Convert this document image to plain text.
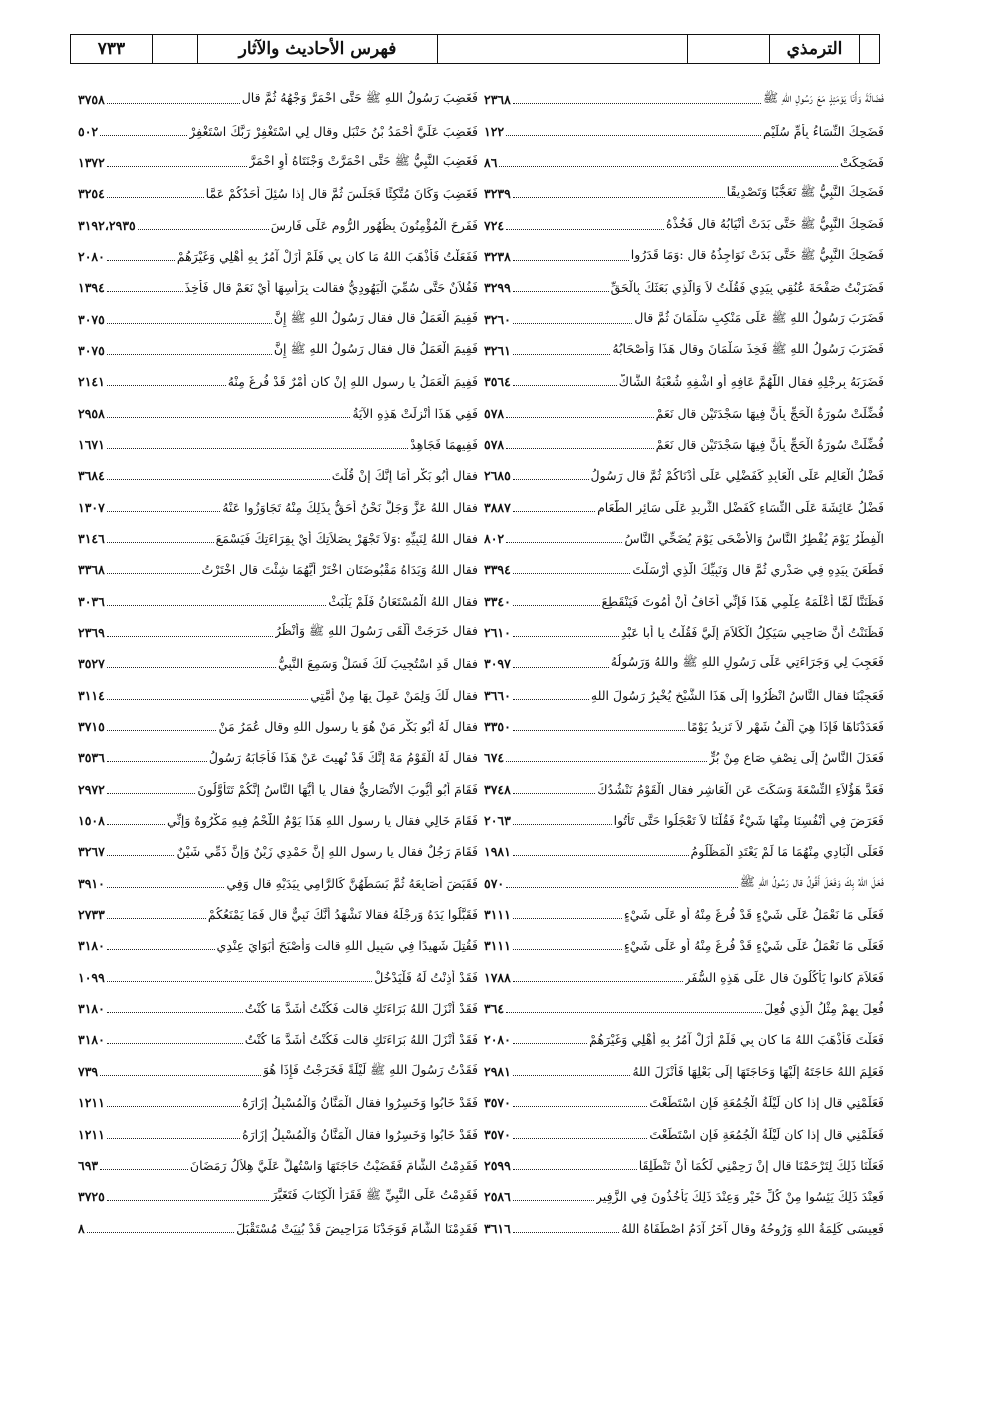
الترمذي
فهرس الأحاديث والآثار
٧٣٣
فَضَالَةَ وَأَنَا يَوْمَئِذٍ مَعَ رَسُولِ اللهِ ﷺ
٢٣٦٨
فَضَحِكَ النِّسَاءُ بِأُمِّ سُلَيْمٍ
١٢٢
فَضَحِكَتْ
٨٦
فَضَحِكَ النَّبِيُّ ﷺ تَعَجُّبًا وَتَصْدِيقًا
٣٢٣٩
فَضَحِكَ النَّبِيُّ ﷺ حَتَّى بَدَتْ أَنْيَابُهُ قال فَخُذْهُ
٧٢٤
فَضَحِكَ النَّبِيُّ ﷺ حَتَّى بَدَتْ نَوَاجِذُهُ قال :وَمَا قَدَرُوا
٣٢٣٨
فَضَرَبْتُ صَفْحَةَ عُنُقِي بِيَدِي فَقُلْتُ لاَ وَالَّذِي بَعَثَكَ بِالْحَقِّ
٣٢٩٩
فَضَرَبَ رَسُولُ اللهِ ﷺ عَلَى مَنْكِبِ سَلْمَانَ ثُمَّ قال
٣٢٦٠
فَضَرَبَ رَسُولُ اللهِ ﷺ فَخِذَ سَلْمَانَ وقال هَذَا وَأَصْحَابُهُ
٣٢٦١
فَضَرَبَهُ بِرِجْلِهِ فقال اللَّهُمَّ عَافِهِ أو اشْفِهِ شُعْبَةُ الشَّاكُّ
٣٥٦٤
فُضِّلَتْ سُورَةُ الْحَجِّ بِأَنَّ فِيهَا سَجْدَتَيْنِ قال نَعَمْ
٥٧٨
فُضِّلَتْ سُورَةُ الْحَجِّ بِأَنَّ فِيهَا سَجْدَتَيْنِ قال نَعَمْ
٥٧٨
فَضْلُ الْعَالِمِ عَلَى الْعَابِدِ كَفَضْلِي عَلَى أَدْنَاكُمْ ثُمَّ قال رَسُولُ
٢٦٨٥
فَضْلُ عَائِشَةَ عَلَى النِّسَاءِ كَفَضْلِ الثَّرِيدِ عَلَى سَائِرِ الطَّعَامِ
٣٨٨٧
الْفِطْرُ يَوْمَ يُفْطِرُ النَّاسُ وَالأَضْحَى يَوْمَ يُضَحِّي النَّاسُ
٨٠٢
فَطَعَنَ بِيَدِهِ فِي صَدْرِي ثُمَّ قال وَنَبِيِّكَ الَّذِي أَرْسَلْتَ
٣٣٩٤
فَظَنَنَّا لَمَّا أَعْلَمَهُ عِلْمِي هَذَا فَإِنِّي أَخَافُ أَنْ أَمُوتَ فَيَنْقَطِعَ
٣٣٤٠
فَظَنَنْتُ أَنَّ صَاحِبِي سَيَكِلُ الْكَلاَمَ إِلَيَّ فَقُلْتُ يا أبا عَبْدِ
٢٦١٠
فَعَجِبَ لِي وَجَرَاءَتِي عَلَى رَسُولِ اللهِ ﷺ واللهُ وَرَسُولُهُ
٣٠٩٧
فَعَجِبْنَا فقال النَّاسُ انْظُرُوا إِلَى هَذَا الشَّيْخِ يُخْبِرُ رَسُولَ اللهِ
٣٦٦٠
فَعَدَدْنَاهَا فَإِذَا هِيَ أَلْفُ شَهْرٍ لاَ تَزِيدُ يَوْمًا
٣٣٥٠
فَعَدَلَ النَّاسُ إِلَى نِصْفِ صَاعٍ مِنْ بُرٍّ
٦٧٤
فَعَدَّ هَؤُلاَءِ التِّسْعَةَ وَسَكَتَ عَنِ الْعَاشِرِ فقال الْقَوْمُ نَنْشُدُكَ
٣٧٤٨
فَعَرَضَ فِي أَنْفُسِنَا مِنْهَا شَيْءٌ فَقُلْنَا لاَ تَعْجَلُوا حَتَّى تَأْتُوا
٢٠٦٣
فَعَلَى الْبَادِي مِنْهُمَا مَا لَمْ يَعْتَدِ الْمَظْلُومُ
١٩٨١
فَعَلَ اللهُ بِكَ وَفَعَلَ أَقُولُ قال رَسُولُ اللهِ ﷺ
٥٧٠
فَعَلَى مَا نَعْمَلُ عَلَى شَيْءٍ قَدْ فُرِغَ مِنْهُ أو عَلَى شَيْءٍ
٣١١١
فَعَلَى مَا نَعْمَلُ عَلَى شَيْءٍ قَدْ فُرِغَ مِنْهُ أو عَلَى شَيْءٍ
٣١١١
فَعَلاَمَ كانوا يَأْكُلُونَ قال عَلَى هَذِهِ السُّفَرِ
١٧٨٨
فُعِلَ بِهِمْ مِثْلُ الَّذِي فُعِلَ
٣٦٤
فَعَلْتَ فَأَذْهَبَ اللهُ مَا كان بِي فَلَمْ أَزَلْ آمُرُ بِهِ أَهْلِي وَغَيْرَهُمْ
٢٠٨٠
فَعَلِمَ اللهُ حَاجَتَهُ إِلَيْهَا وَحَاجَتَهَا إِلَى بَعْلِهَا فَأَنْزَلَ اللهُ
٢٩٨١
فَعَلِّمْنِي قال إذا كان لَيْلَةُ الْجُمُعَةِ فَإِنِ اسْتَطَعْتَ
٣٥٧٠
فَعَلِّمْنِي قال إذا كان لَيْلَةُ الْجُمُعَةِ فَإِنِ اسْتَطَعْتَ
٣٥٧٠
فَعَلْنَا ذَلِكَ لِتَرْحَمْنَا قال إِنْ رَحِمْنِي لَكُمَا أَنْ تَنْطَلِقَا
٢٥٩٩
فَعِنْدَ ذَلِكَ يَئِسُوا مِنْ كُلِّ خَيْرٍ وَعِنْدَ ذَلِكَ يَأْخُذُونَ فِي الزَّفِيرِ
٢٥٨٦
فَعِيسَى كَلِمَةُ اللهِ وَرُوحُهُ وقال آخَرُ آدَمُ اصْطَفَاهُ اللهُ
٣٦١٦
فَغَضِبَ رَسُولُ اللهِ ﷺ حَتَّى احْمَرَّ وَجْهُهُ ثُمَّ قال
٣٧٥٨
فَغَضِبَ عَلَيَّ أَحْمَدُ بْنُ حَنْبَلٍ وقال لِي اسْتَغْفِرْ رَبَّكَ اسْتَغْفِرْ
٥٠٢
فَغَضِبَ النَّبِيُّ ﷺ حَتَّى احْمَرَّتْ وَجْنَتَاهُ أَوِ احْمَرَّ
١٣٧٢
فَغَضِبَ وَكَانَ مُتَّكِئًا فَجَلَسَ ثُمَّ قال إذا سُئِلَ أَحَدُكُمْ عَمَّا
٣٢٥٤
فَفَرِحَ الْمُؤْمِنُونَ بِظُهُورِ الرُّومِ عَلَى فَارِسَ
٣١٩٢،٢٩٣٥
فَفَعَلْتُ فَأَذْهَبَ اللهُ مَا كان بِي فَلَمْ أَزَلْ آمُرُ بِهِ أَهْلِي وَغَيْرَهُمْ
٢٠٨٠
فَفُلاَنٌ حَتَّى سُمِّيَ الْيَهُودِيُّ فقالت بِرَأْسِهَا أَيْ نَعَمْ قال فَأُخِذَ
١٣٩٤
فَفِيمَ الْعَمَلُ قال فقال رَسُولُ اللهِ ﷺ إِنَّ
٣٠٧٥
فَفِيمَ الْعَمَلُ قال فقال رَسُولُ اللهِ ﷺ إِنَّ
٣٠٧٥
فَفِيمَ الْعَمَلُ يا رسول اللهِ إِنْ كان أَمْرٌ قَدْ فُرِغَ مِنْهُ
٢١٤١
فَفِي هَذَا أُنْزِلَتْ هَذِهِ الآيَةُ
٢٩٥٨
فَفِيهِمَا فَجَاهِدْ
١٦٧١
فقال أَبُو بَكْرٍ أَمَا إِنَّكَ إِنْ قُلْتَ
٣٦٨٤
فقال اللهُ عَزَّ وَجَلَّ نَحْنُ أَحَقُّ بِذَلِكَ مِنْهُ تَجَاوَزُوا عَنْهُ
١٣٠٧
فقال اللهُ لِنَبِيِّهِ :وَلاَ تَجْهَرْ بِصَلاَتِكَ أَيْ بِقِرَاءَتِكَ فَيَسْمَعَ
٣١٤٦
فقال اللهُ وَيَدَاهُ مَقْبُوضَتَانِ اخْتَرْ أَيَّهُمَا شِئْتَ قال اخْتَرْتُ
٣٣٦٨
فقال اللهُ الْمُسْتَعَانُ فَلَمْ يَلْبَثْ
٣٠٣٦
فقال خَرَجَتْ أَلْقَى رَسُولَ اللهِ ﷺ وَأَنْظُرُ
٢٣٦٩
فقال قَدِ اسْتُجِيبَ لَكَ فَسَلْ وَسَمِعَ النَّبِيُّ
٣٥٢٧
فقال لَكَ وَلِمَنْ عَمِلَ بِهَا مِنْ أُمَّتِي
٣١١٤
فقال لَهُ أَبُو بَكْرٍ مَنْ هُوَ يا رسول اللهِ وقال عُمَرُ مَنْ
٣٧١٥
فقال لَهُ الْقَوْمُ مَهْ إِنَّكَ قَدْ نُهِيتَ عَنْ هَذَا فَأَجَابَهُ رَسُولُ
٣٥٣٦
فَقَامَ أَبُو أَيُّوبَ الأَنْصَارِيُّ فقال يا أَيُّهَا النَّاسُ إِنَّكُمْ تَتَأَوَّلُونَ
٢٩٧٢
فَقَامَ خَالِي فقال يا رسول اللهِ هَذَا يَوْمٌ اللَّحْمُ فِيهِ مَكْرُوهٌ وَإِنِّي
١٥٠٨
فَقَامَ رَجُلٌ فقال يا رسول اللهِ إِنَّ حَمْدِي زَيْنٌ وَإِنَّ ذَمِّي شَيْنٌ
٣٢٦٧
فَقَبَضَ أَصَابِعَهُ ثُمَّ بَسَطَهُنَّ كَالرَّامِي بِيَدَيْهِ قال وَفِي
٣٩١٠
فَقَبَّلُوا يَدَهُ وَرِجْلَهُ فقالا نَشْهَدُ أَنَّكَ نَبِيٌّ قال فَمَا يَمْنَعُكُمْ
٢٧٣٣
فَقُتِلَ شَهِيدًا فِي سَبِيلِ اللهِ قالت وَأَصْبَحَ أَبَوَايَ عِنْدِي
٣١٨٠
فَقَدْ أَذِنْتُ لَهُ فَلْيَدْخُلْ
١٠٩٩
فَقَدْ أَنْزَلَ اللهُ بَرَاءَتَكِ قالت فَكُنْتُ أَشَدَّ مَا كُنْتُ
٣١٨٠
فَقَدْ أَنْزَلَ اللهُ بَرَاءَتَكِ قالت فَكُنْتُ أَشَدَّ مَا كُنْتُ
٣١٨٠
فَقَدْتُ رَسُولَ اللهِ ﷺ لَيْلَةً فَخَرَجْتُ فَإِذَا هُوَ
٧٣٩
فَقَدْ خَابُوا وَخَسِرُوا فقال الْمَنَّانُ وَالْمُسْبِلُ إِزَارَهُ
١٢١١
فَقَدْ خَابُوا وَخَسِرُوا فقال الْمَنَّانُ وَالْمُسْبِلُ إِزَارَهُ
١٢١١
فَقَدِمْتُ الشَّامَ فَقَضَيْتُ حَاجَتَهَا وَاسْتُهِلَّ عَلَيَّ هِلاَلُ رَمَضَانَ
٦٩٣
فَقَدِمْتُ عَلَى النَّبِيِّ ﷺ فَقَرَأَ الْكِتَابَ فَتَغَيَّرَ
٣٧٢٥
فَقَدِمْنَا الشَّامَ فَوَجَدْنَا مَرَاحِيضَ قَدْ بُنِيَتْ مُسْتَقْبَلَ
٨
